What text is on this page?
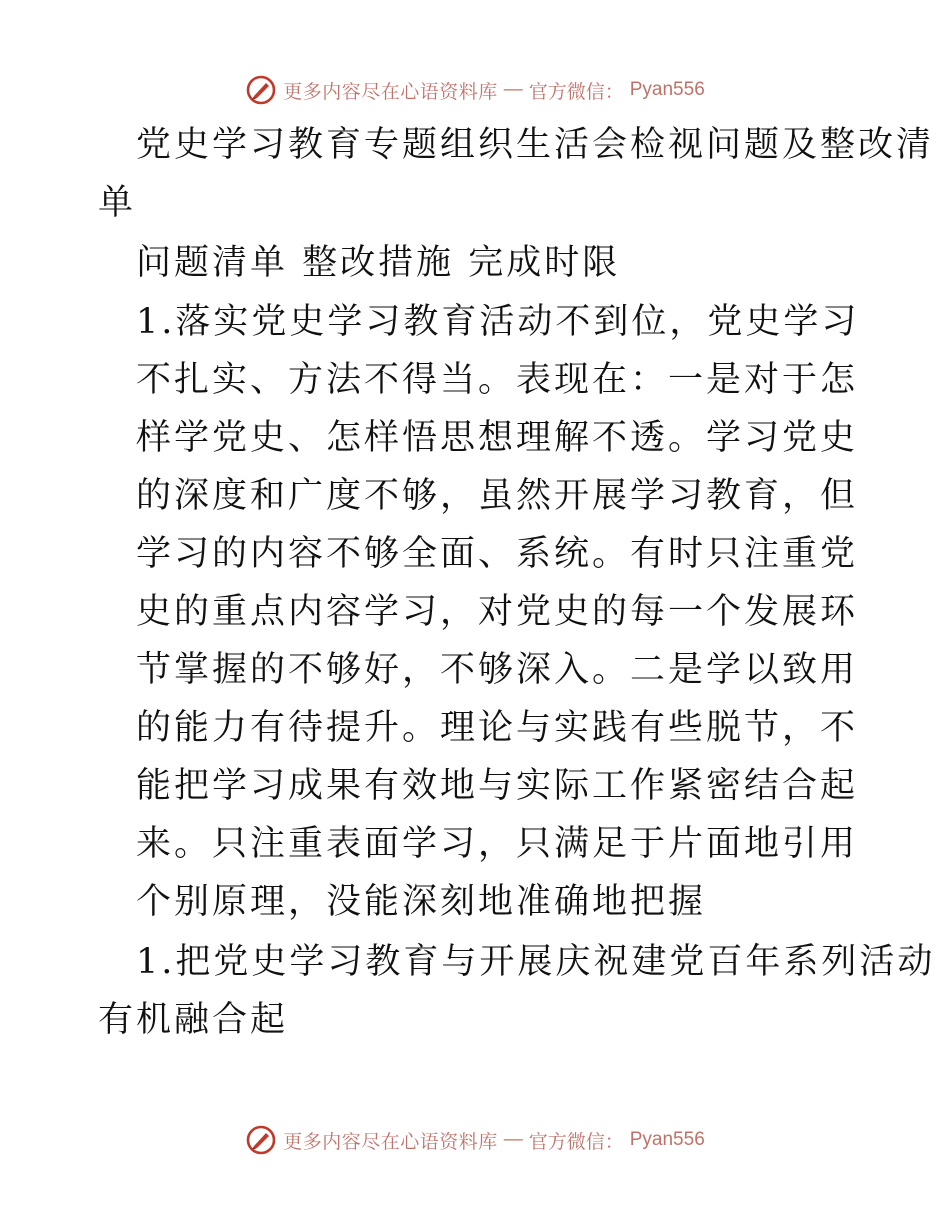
更多内容尽在心语资料库 — 官方微信： Pyan556
党史学习教育专题组织生活会检视问题及整改清
单
问题清单 整改措施 完成时限
1.落实党史学习教育活动不到位，党史学习
不扎实、方法不得当。表现在：一是对于怎
样学党史、怎样悟思想理解不透。学习党史
的深度和广度不够，虽然开展学习教育，但
学习的内容不够全面、系统。有时只注重党
史的重点内容学习，对党史的每一个发展环
节掌握的不够好，不够深入。二是学以致用
的能力有待提升。理论与实践有些脱节，不
能把学习成果有效地与实际工作紧密结合起
来。只注重表面学习，只满足于片面地引用
个别原理，没能深刻地准确地把握
1.把党史学习教育与开展庆祝建党百年系列活动
有机融合起
更多内容尽在心语资料库 — 官方微信： Pyan556
